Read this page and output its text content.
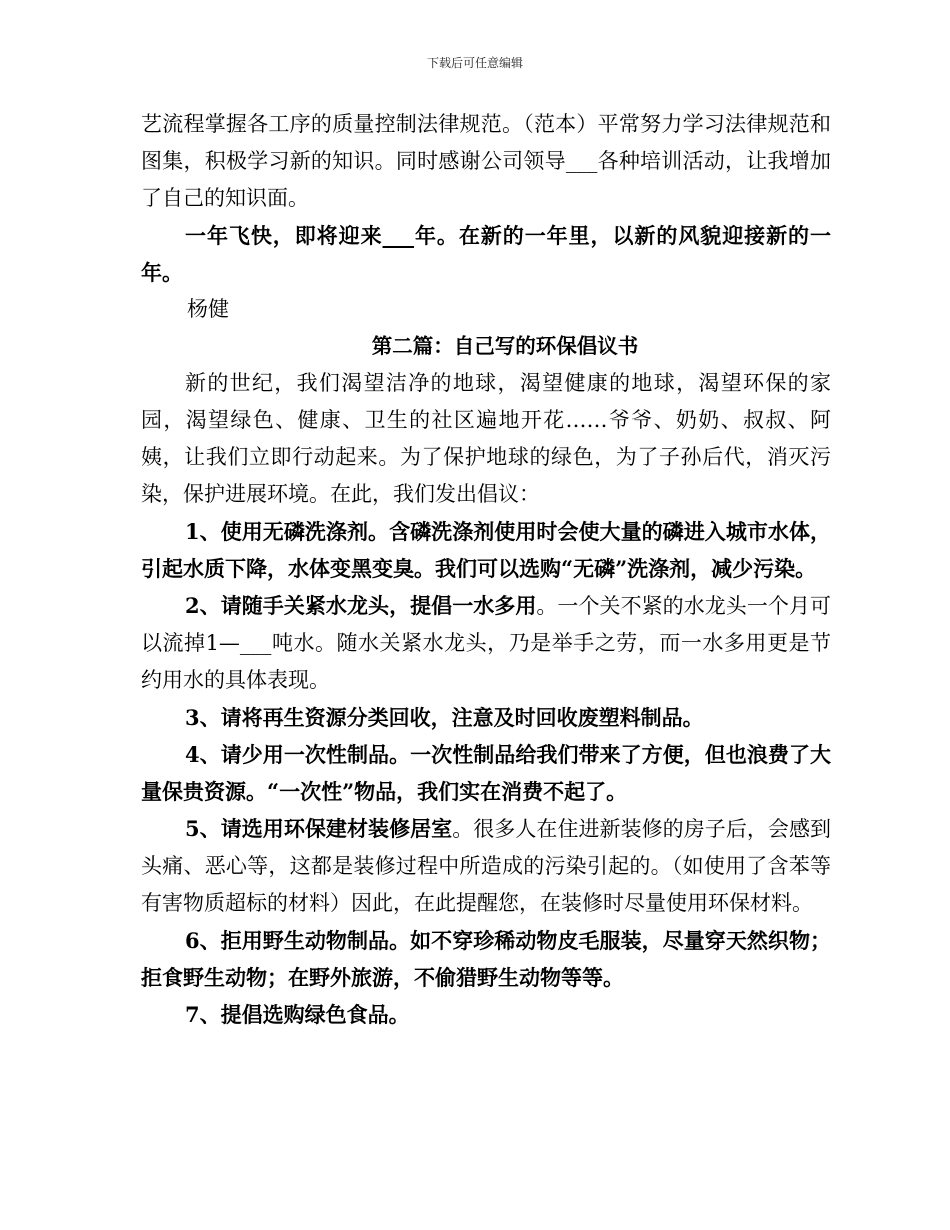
下载后可任意编辑

艺流程掌握各工序的质量控制法律规范。（范本）平常努力学习法律规范和图集，积极学习新的知识。同时感谢公司领导___各种培训活动，让我增加了自己的知识面。

一年飞快，即将迎来___年。在新的一年里，以新的风貌迎接新的一年。

杨健

第二篇：自己写的环保倡议书

新的世纪，我们渴望洁净的地球，渴望健康的地球，渴望环保的家园，渴望绿色、健康、卫生的社区遍地开花……爷爷、奶奶、叔叔、阿姨，让我们立即行动起来。为了保护地球的绿色，为了子孙后代，消灭污染，保护进展环境。在此，我们发出倡议：

1、使用无磷洗涤剂。含磷洗涤剂使用时会使大量的磷进入城市水体，引起水质下降，水体变黑变臭。我们可以选购“无磷”洗涤剂，减少污染。

2、请随手关紧水龙头，提倡一水多用。一个关不紧的水龙头一个月可以流掉1—___吨水。随水关紧水龙头，乃是举手之劳，而一水多用更是节约用水的具体表现。

3、请将再生资源分类回收，注意及时回收废塑料制品。

4、请少用一次性制品。一次性制品给我们带来了方便，但也浪费了大量保贵资源。“一次性”物品，我们实在消费不起了。

5、请选用环保建材装修居室。很多人在住进新装修的房子后，会感到头痛、恶心等，这都是装修过程中所造成的污染引起的。（如使用了含苯等有害物质超标的材料）因此，在此提醒您，在装修时尽量使用环保材料。

6、拒用野生动物制品。如不穿珍稀动物皮毛服装，尽量穿天然织物；拒食野生动物；在野外旅游，不偷猎野生动物等等。

7、提倡选购绿色食品。
